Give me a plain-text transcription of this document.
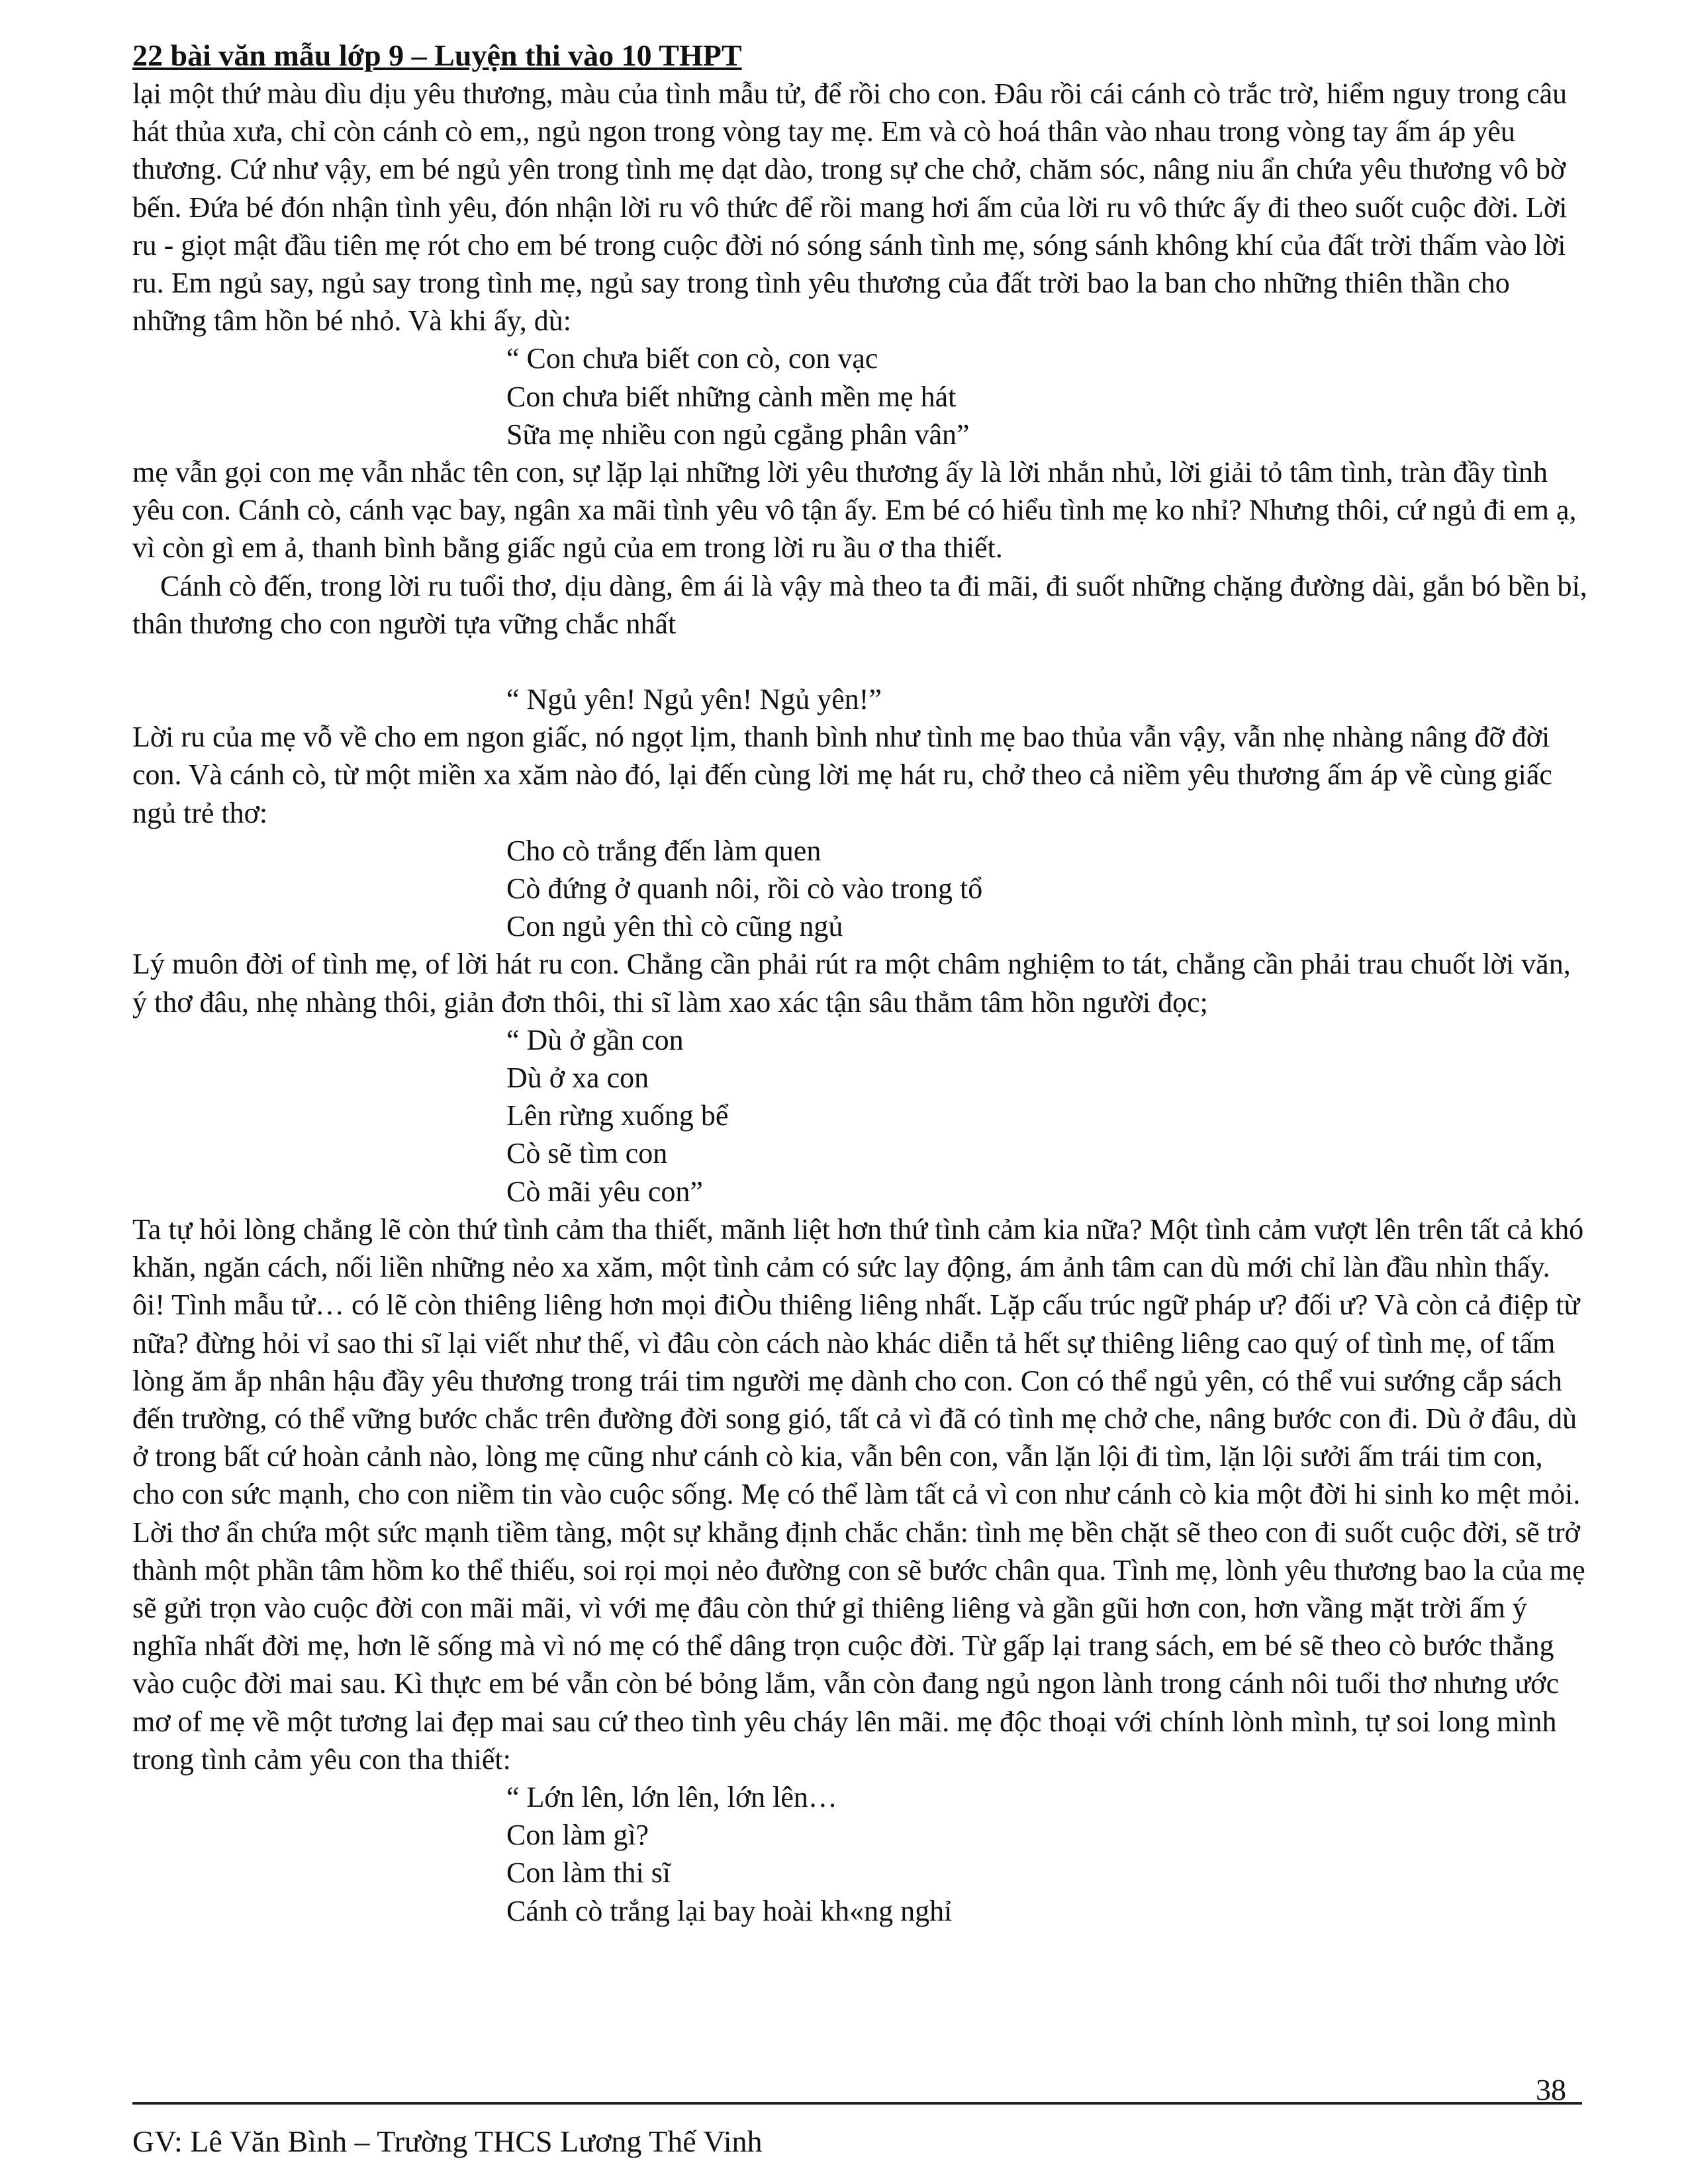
22 bài văn mẫu lớp 9 – Luyện thi vào 10 THPT

lại một thứ màu dìu dịu yêu thương, màu của tình mẫu tử, để rồi cho con. Đâu rồi cái cánh cò trắc trờ, hiểm nguy trong câu hát thủa xưa, chỉ còn cánh cò em,, ngủ ngon trong vòng tay mẹ. Em và cò hoá thân vào nhau trong vòng tay ấm áp yêu thương. Cứ như vậy, em bé ngủ yên trong tình mẹ dạt dào, trong sự che chở, chăm sóc, nâng niu ẩn chứa yêu thương vô bờ bến. Đứa bé đón nhận tình yêu, đón nhận lời ru vô thức để rồi mang hơi ấm của lời ru vô thức ấy đi theo suốt cuộc đời. Lời ru - giọt mật đầu tiên mẹ rót cho em bé trong cuộc đời nó sóng sánh tình mẹ, sóng sánh không khí của đất trời thấm vào lời ru. Em ngủ say, ngủ say trong tình mẹ, ngủ say trong tình yêu thương của đất trời bao la ban cho những thiên thần cho những tâm hồn bé nhỏ. Và khi ấy, dù:

“ Con chưa biết con cò, con vạc
Con chưa biết những cành mền mẹ hát
Sữa mẹ nhiều con ngủ cgẳng phân vân”

mẹ vẫn gọi con mẹ vẫn nhắc tên con, sự lặp lại những lời yêu thương ấy là lời nhắn nhủ, lời giải tỏ tâm tình, tràn đầy tình yêu con. Cánh cò, cánh vạc bay, ngân xa mãi tình yêu vô tận ấy. Em bé có hiểu tình mẹ ko nhỉ? Nhưng thôi, cứ ngủ đi em ạ, vì còn gì em ả, thanh bình bằng giấc ngủ của em trong lời ru ầu ơ tha thiết.

Cánh cò đến, trong lời ru tuổi thơ, dịu dàng, êm ái là vậy mà theo ta đi mãi, đi suốt những chặng đường dài, gắn bó bền bỉ, thân thương cho con người tựa vững chắc nhất

“ Ngủ yên! Ngủ yên! Ngủ yên!”

Lời ru của mẹ vỗ về cho em ngon giấc, nó ngọt lịm, thanh bình như tình mẹ bao thủa vẫn vậy, vẫn nhẹ nhàng nâng đỡ đời con. Và cánh cò, từ một miền xa xăm nào đó, lại đến cùng lời mẹ hát ru, chở theo cả niềm yêu thương ấm áp về cùng giấc ngủ trẻ thơ:

Cho cò trắng đến làm quen
Cò đứng ở quanh nôi, rồi cò vào trong tổ
Con ngủ yên thì cò cũng ngủ

Lý muôn đời of tình mẹ, of lời hát ru con. Chẳng cần phải rút ra một châm nghiệm to tát, chẳng cần phải trau chuốt lời văn, ý thơ đâu, nhẹ nhàng thôi, giản đơn thôi, thi sĩ làm xao xác tận sâu thẳm tâm hồn người đọc;

“ Dù ở gần con
Dù ở xa con
Lên rừng xuống bể
Cò sẽ tìm con
Cò mãi yêu con”

Ta tự hỏi lòng chẳng lẽ còn thứ tình cảm tha thiết, mãnh liệt hơn thứ tình cảm kia nữa? Một tình cảm vượt lên trên tất cả khó khăn, ngăn cách, nối liền những nẻo xa xăm, một tình cảm có sức lay động, ám ảnh tâm can dù mới chỉ làn đầu nhìn thấy. ôi! Tình mẫu tử… có lẽ còn thiêng liêng hơn mọi điÒu thiêng liêng nhất. Lặp cấu trúc ngữ pháp ư? đối ư? Và còn cả điệp từ nữa? đừng hỏi vỉ sao thi sĩ lại viết như thế, vì đâu còn cách nào khác diễn tả hết sự thiêng liêng cao quý of tình mẹ, of tấm lòng ăm ắp nhân hậu đầy yêu thương trong trái tim người mẹ dành cho con. Con có thể ngủ yên, có thể vui sướng cắp sách đến trường, có thể vững bước chắc trên đường đời song gió, tất cả vì đã có tình mẹ chở che, nâng bước con đi. Dù ở đâu, dù ở trong bất cứ hoàn cảnh nào, lòng mẹ cũng như cánh cò kia, vẫn bên con, vẫn lặn lội đi tìm, lặn lội sưởi ấm trái tim con, cho con sức mạnh, cho con niềm tin vào cuộc sống. Mẹ có thể làm tất cả vì con như cánh cò kia một đời hi sinh ko mệt mỏi. Lời thơ ẩn chứa một sức mạnh tiềm tàng, một sự khẳng định chắc chắn: tình mẹ bền chặt sẽ theo con đi suốt cuộc đời, sẽ trở thành một phần tâm hồm ko thể thiếu, soi rọi mọi nẻo đường con sẽ bước chân qua. Tình mẹ, lònh yêu thương bao la của mẹ sẽ gửi trọn vào cuộc đời con mãi mãi, vì với mẹ đâu còn thứ gỉ thiêng liêng và gần gũi hơn con, hơn vầng mặt trời ấm ý nghĩa nhất đời mẹ, hơn lẽ sống mà vì nó mẹ có thể dâng trọn cuộc đời. Từ gấp lại trang sách, em bé sẽ theo cò bước thẳng vào cuộc đời mai sau. Kì thực em bé vẫn còn bé bỏng lắm, vẫn còn đang ngủ ngon lành trong cánh nôi tuổi thơ nhưng ước mơ of mẹ về một tương lai đẹp mai sau cứ theo tình yêu cháy lên mãi. mẹ độc thoại với chính lònh mình, tự soi long mình trong tình cảm yêu con tha thiết:

“ Lớn lên, lớn lên, lớn lên…
Con làm gì?
Con làm thi sĩ
Cánh cò trắng lại bay hoài kh«ng nghỉ
38
GV: Lê Văn Bình – Trường THCS Lương Thế Vinh
